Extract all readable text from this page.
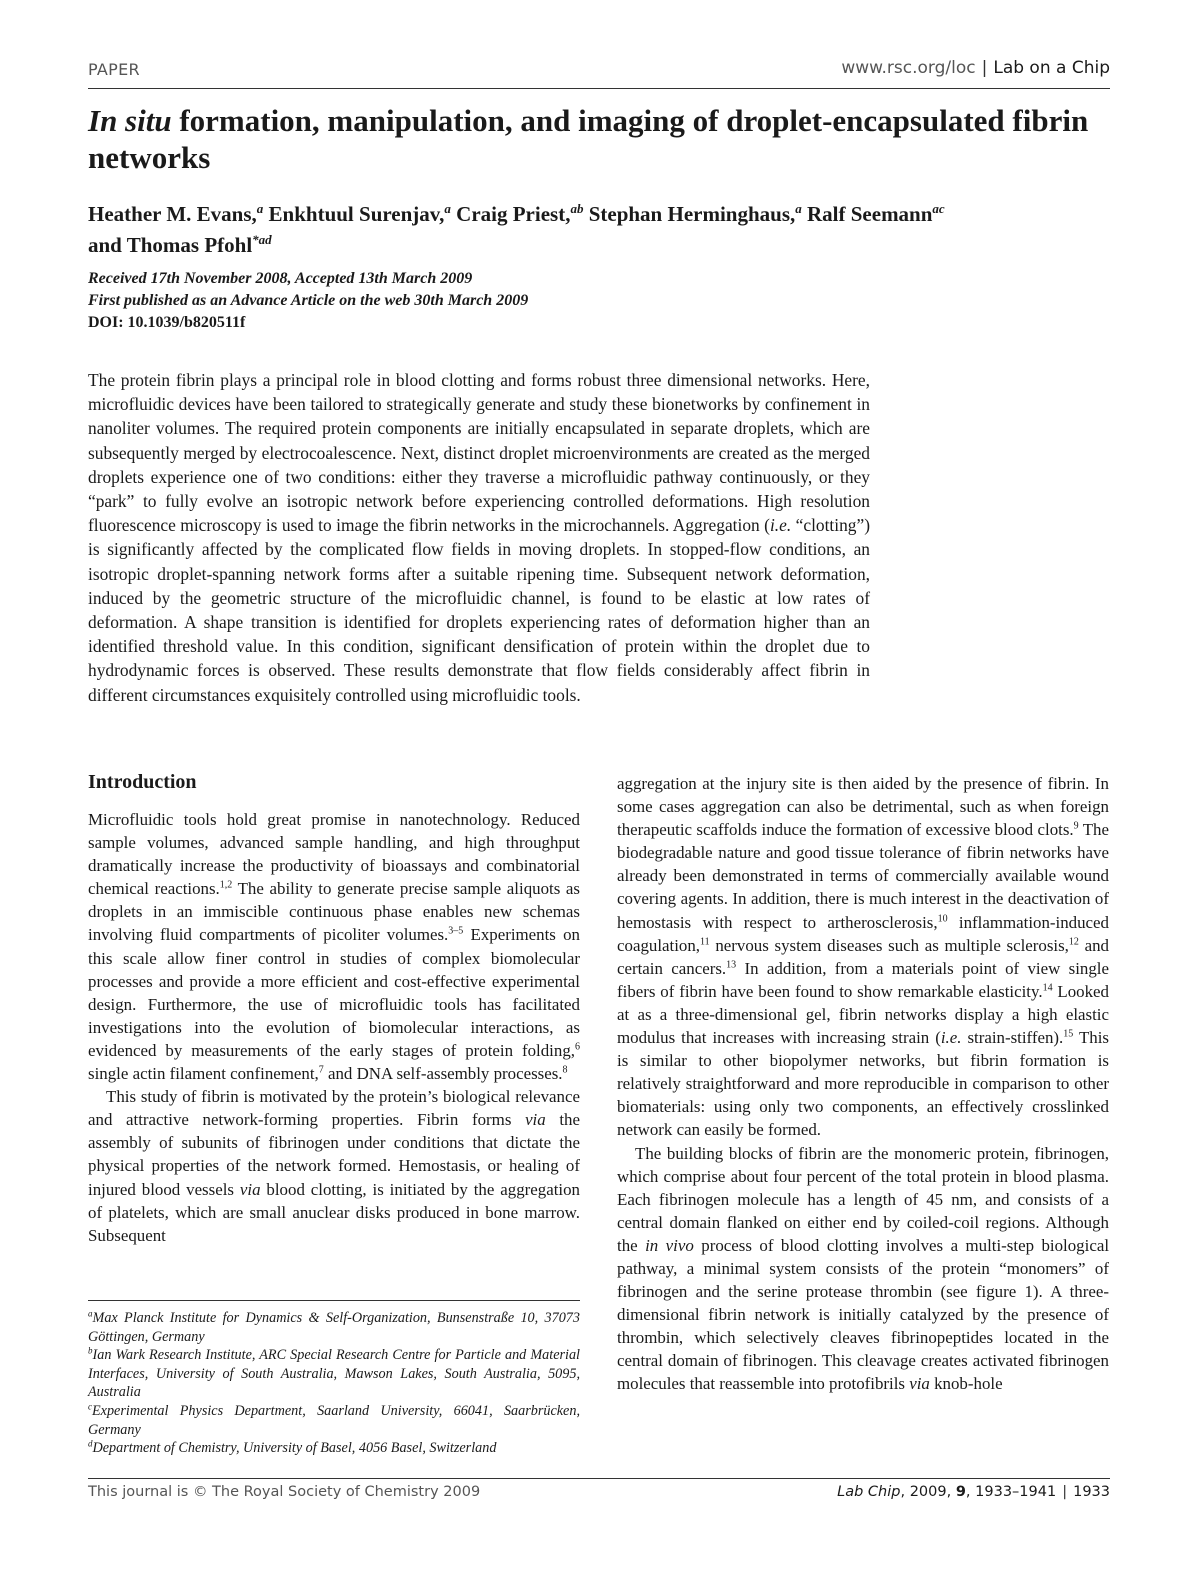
PAPER	www.rsc.org/loc | Lab on a Chip
In situ formation, manipulation, and imaging of droplet-encapsulated fibrin networks
Heather M. Evans,$^a$ Enkhtuul Surenjav,$^a$ Craig Priest,$^{ab}$ Stephan Herminghaus,$^a$ Ralf Seemann$^{ac}$
and Thomas Pfohl$^{*ad}$
Received 17th November 2008, Accepted 13th March 2009
First published as an Advance Article on the web 30th March 2009
DOI: 10.1039/b820511f
The protein fibrin plays a principal role in blood clotting and forms robust three dimensional networks. Here, microfluidic devices have been tailored to strategically generate and study these bionetworks by confinement in nanoliter volumes. The required protein components are initially encapsulated in separate droplets, which are subsequently merged by electrocoalescence. Next, distinct droplet microenvironments are created as the merged droplets experience one of two conditions: either they traverse a microfluidic pathway continuously, or they “park” to fully evolve an isotropic network before experiencing controlled deformations. High resolution fluorescence microscopy is used to image the fibrin networks in the microchannels. Aggregation (i.e. “clotting”) is significantly affected by the complicated flow fields in moving droplets. In stopped-flow conditions, an isotropic droplet-spanning network forms after a suitable ripening time. Subsequent network deformation, induced by the geometric structure of the microfluidic channel, is found to be elastic at low rates of deformation. A shape transition is identified for droplets experiencing rates of deformation higher than an identified threshold value. In this condition, significant densification of protein within the droplet due to hydrodynamic forces is observed. These results demonstrate that flow fields considerably affect fibrin in different circumstances exquisitely controlled using microfluidic tools.
Introduction

Microfluidic tools hold great promise in nanotechnology. Reduced sample volumes, advanced sample handling, and high throughput dramatically increase the productivity of bioassays and combinatorial chemical reactions.$^{1,2}$ The ability to generate precise sample aliquots as droplets in an immiscible continuous phase enables new schemas involving fluid compartments of picoliter volumes.$^{3-5}$ Experiments on this scale allow finer control in studies of complex biomolecular processes and provide a more efficient and cost-effective experimental design. Furthermore, the use of microfluidic tools has facilitated investigations into the evolution of biomolecular interactions, as evidenced by measurements of the early stages of protein folding,$^6$ single actin filament confinement,$^7$ and DNA self-assembly processes.$^8$

This study of fibrin is motivated by the protein’s biological relevance and attractive network-forming properties. Fibrin forms via the assembly of subunits of fibrinogen under conditions that dictate the physical properties of the network formed. Hemostasis, or healing of injured blood vessels via blood clotting, is initiated by the aggregation of platelets, which are small anuclear disks produced in bone marrow. Subsequent

aggregation at the injury site is then aided by the presence of fibrin. In some cases aggregation can also be detrimental, such as when foreign therapeutic scaffolds induce the formation of excessive blood clots.$^9$ The biodegradable nature and good tissue tolerance of fibrin networks have already been demonstrated in terms of commercially available wound covering agents. In addition, there is much interest in the deactivation of hemostasis with respect to artherosclerosis,$^{10}$ inflammation-induced coagulation,$^{11}$ nervous system diseases such as multiple sclerosis,$^{12}$ and certain cancers.$^{13}$ In addition, from a materials point of view single fibers of fibrin have been found to show remarkable elasticity.$^{14}$ Looked at as a three-dimensional gel, fibrin networks display a high elastic modulus that increases with increasing strain (i.e. strain-stiffen).$^{15}$ This is similar to other biopolymer networks, but fibrin formation is relatively straightforward and more reproducible in comparison to other biomaterials: using only two components, an effectively crosslinked network can easily be formed.

The building blocks of fibrin are the monomeric protein, fibrinogen, which comprise about four percent of the total protein in blood plasma. Each fibrinogen molecule has a length of 45 nm, and consists of a central domain flanked on either end by coiled-coil regions. Although the in vivo process of blood clotting involves a multi-step biological pathway, a minimal system consists of the protein “monomers” of fibrinogen and the serine protease thrombin (see figure 1). A three-dimensional fibrin network is initially catalyzed by the presence of thrombin, which selectively cleaves fibrinopeptides located in the central domain of fibrinogen. This cleavage creates activated fibrinogen molecules that reassemble into protofibrils via knob-hole

$^a$Max Planck Institute for Dynamics & Self-Organization, Bunsenstraße 10, 37073 Göttingen, Germany

$^b$Ian Wark Research Institute, ARC Special Research Centre for Particle and Material Interfaces, University of South Australia, Mawson Lakes, South Australia, 5095, Australia

$^c$Experimental Physics Department, Saarland University, 66041, Saarbrücken, Germany

$^d$Department of Chemistry, University of Basel, 4056 Basel, Switzerland

This journal is © The Royal Society of Chemistry 2009	Lab Chip, 2009, 9, 1933–1941 | 1933
